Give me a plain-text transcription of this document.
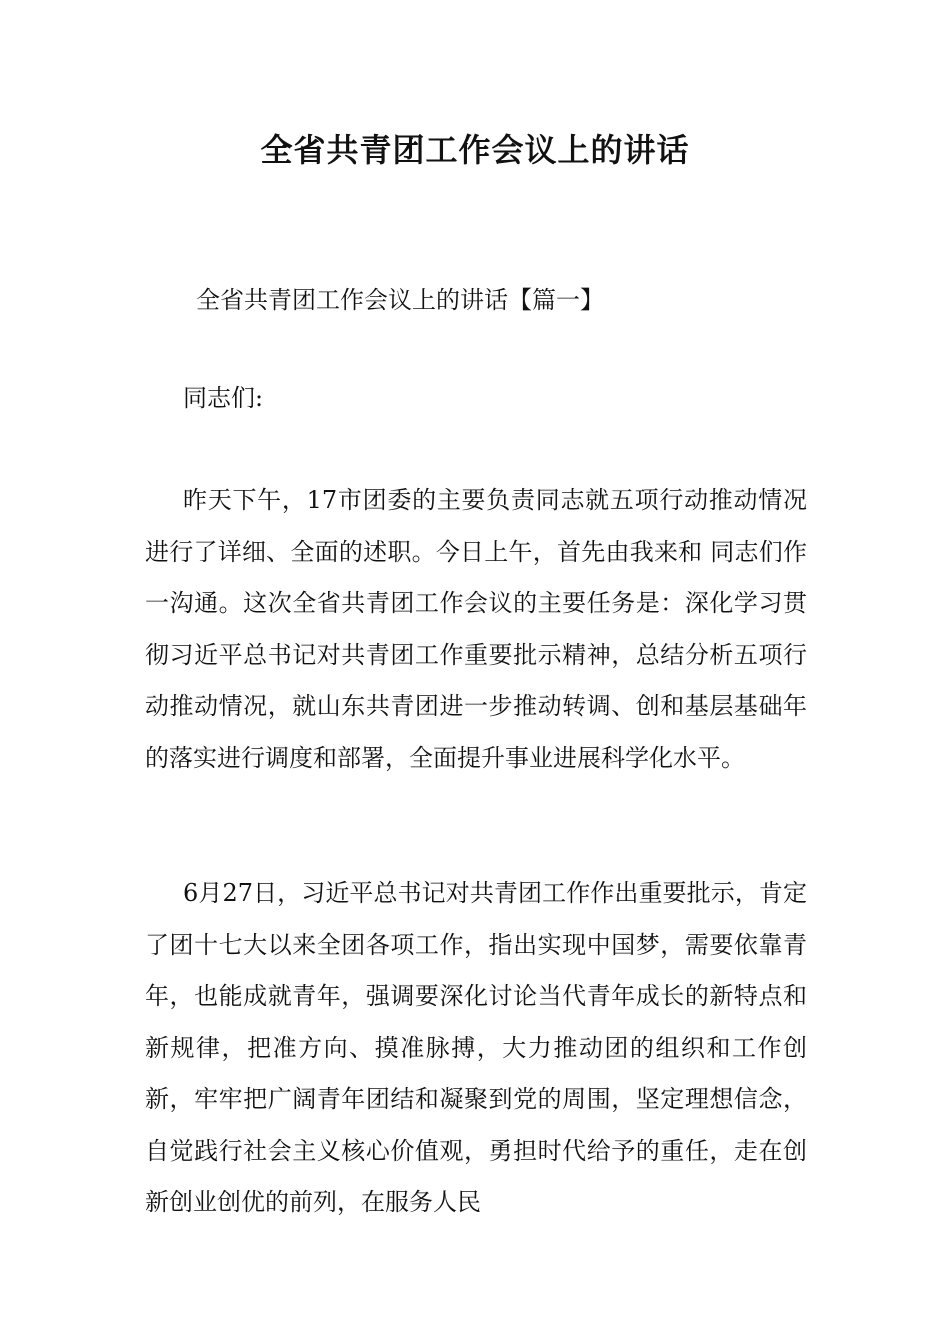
全省共青团工作会议上的讲话

全省共青团工作会议上的讲话【篇一】

同志们:

昨天下午，17市团委的主要负责同志就五项行动推动情况进行了详细、全面的述职。今日上午，首先由我来和 同志们作一沟通。这次全省共青团工作会议的主要任务是：深化学习贯彻习近平总书记对共青团工作重要批示精神，总结分析五项行动推动情况，就山东共青团进一步推动转调、创和基层基础年的落实进行调度和部署，全面提升事业进展科学化水平。

6月27日，习近平总书记对共青团工作作出重要批示，肯定了团十七大以来全团各项工作，指出实现中国梦，需要依靠青年，也能成就青年，强调要深化讨论当代青年成长的新特点和新规律，把准方向、摸准脉搏，大力推动团的组织和工作创新，牢牢把广阔青年团结和凝聚到党的周围，坚定理想信念，自觉践行社会主义核心价值观，勇担时代给予的重任，走在创新创业创优的前列，在服务人民
